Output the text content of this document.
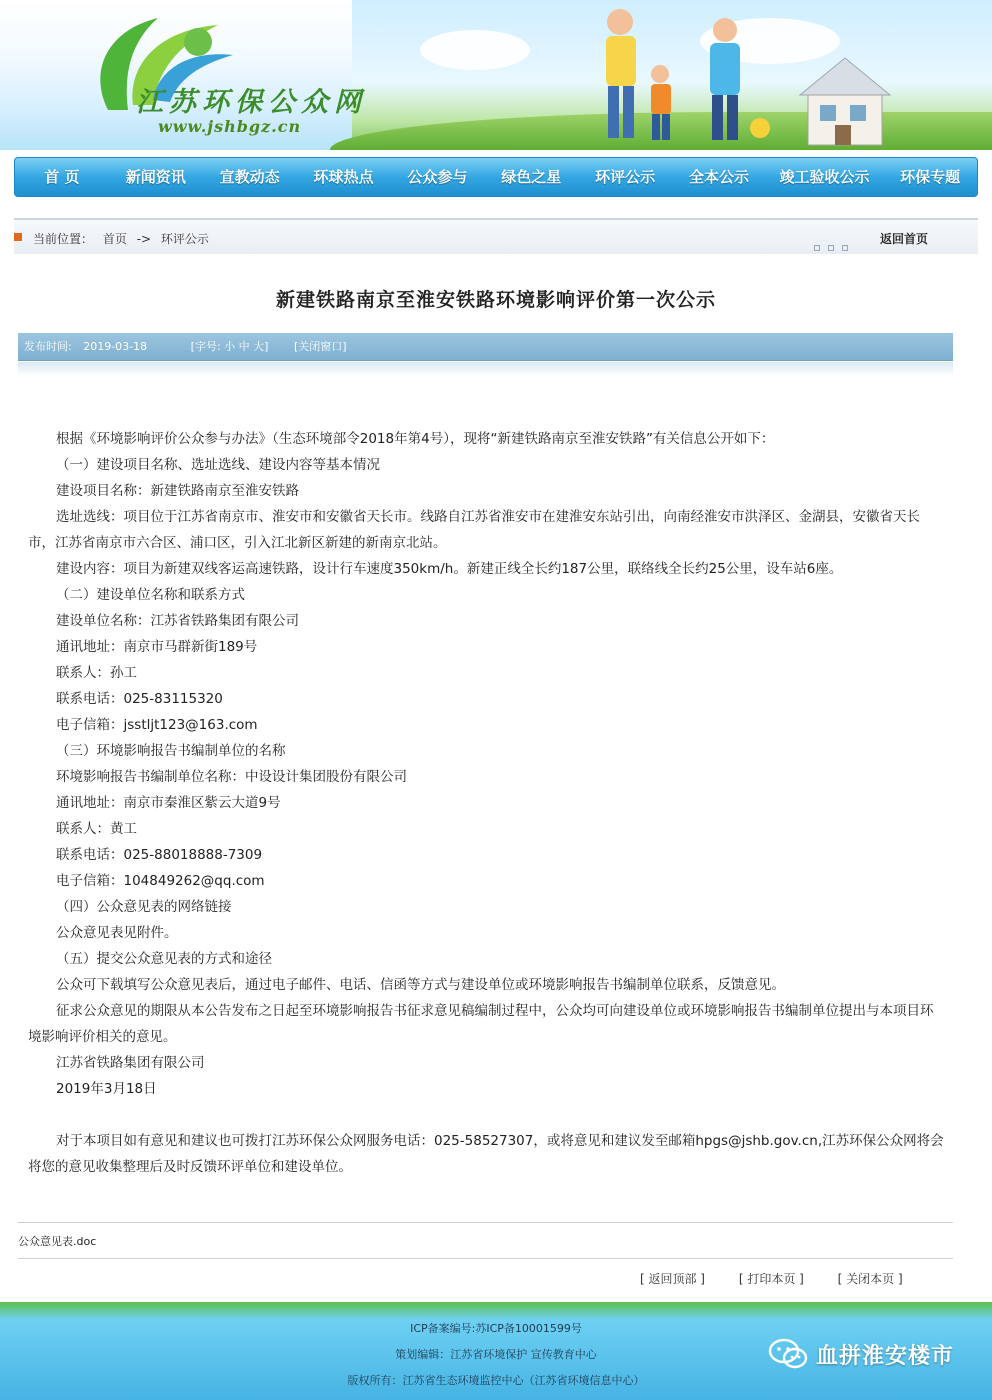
江苏环保公众网
www.jshbgz.cn
首 页	新闻资讯	宣教动态	环球热点	公众参与	绿色之星	环评公示	全本公示	竣工验收公示	环保专题
当前位置： 首页 -> 环评公示	返回首页
新建铁路南京至淮安铁路环境影响评价第一次公示
发布时间: 2019-03-18	[字号: 小 中 大] [关闭窗口]

根据《环境影响评价公众参与办法》（生态环境部令2018年第4号），现将“新建铁路南京至淮安铁路”有关信息公开如下：

（一）建设项目名称、选址选线、建设内容等基本情况

建设项目名称：新建铁路南京至淮安铁路

选址选线：项目位于江苏省南京市、淮安市和安徽省天长市。线路自江苏省淮安市在建淮安东站引出，向南经淮安市洪泽区、金湖县，安徽省天长市，江苏省南京市六合区、浦口区，引入江北新区新建的新南京北站。

建设内容：项目为新建双线客运高速铁路，设计行车速度350km/h。新建正线全长约187公里，联络线全长约25公里，设车站6座。

（二）建设单位名称和联系方式

建设单位名称：江苏省铁路集团有限公司

通讯地址：南京市马群新街189号

联系人：孙工

联系电话：025-83115320

电子信箱：jsstljt123@163.com

（三）环境影响报告书编制单位的名称

环境影响报告书编制单位名称：中设设计集团股份有限公司

通讯地址：南京市秦淮区紫云大道9号

联系人：黄工

联系电话：025-88018888-7309

电子信箱：104849262@qq.com

（四）公众意见表的网络链接

公众意见表见附件。

（五）提交公众意见表的方式和途径

公众可下载填写公众意见表后，通过电子邮件、电话、信函等方式与建设单位或环境影响报告书编制单位联系，反馈意见。

征求公众意见的期限从本公告发布之日起至环境影响报告书征求意见稿编制过程中，公众均可向建设单位或环境影响报告书编制单位提出与本项目环境影响评价相关的意见。

江苏省铁路集团有限公司

2019年3月18日

对于本项目如有意见和建议也可拨打江苏环保公众网服务电话：025-58527307，或将意见和建议发至邮箱hpgs@jshb.gov.cn,江苏环保公众网将会将您的意见收集整理后及时反馈环评单位和建设单位。

公众意见表.doc
[ 返回顶部 ]	[ 打印本页 ]	[ 关闭本页 ]
ICP备案编号:苏ICP备10001599号
策划编辑：江苏省环境保护 宣传教育中心
版权所有：江苏省生态环境监控中心（江苏省环境信息中心）
血拼淮安楼市
